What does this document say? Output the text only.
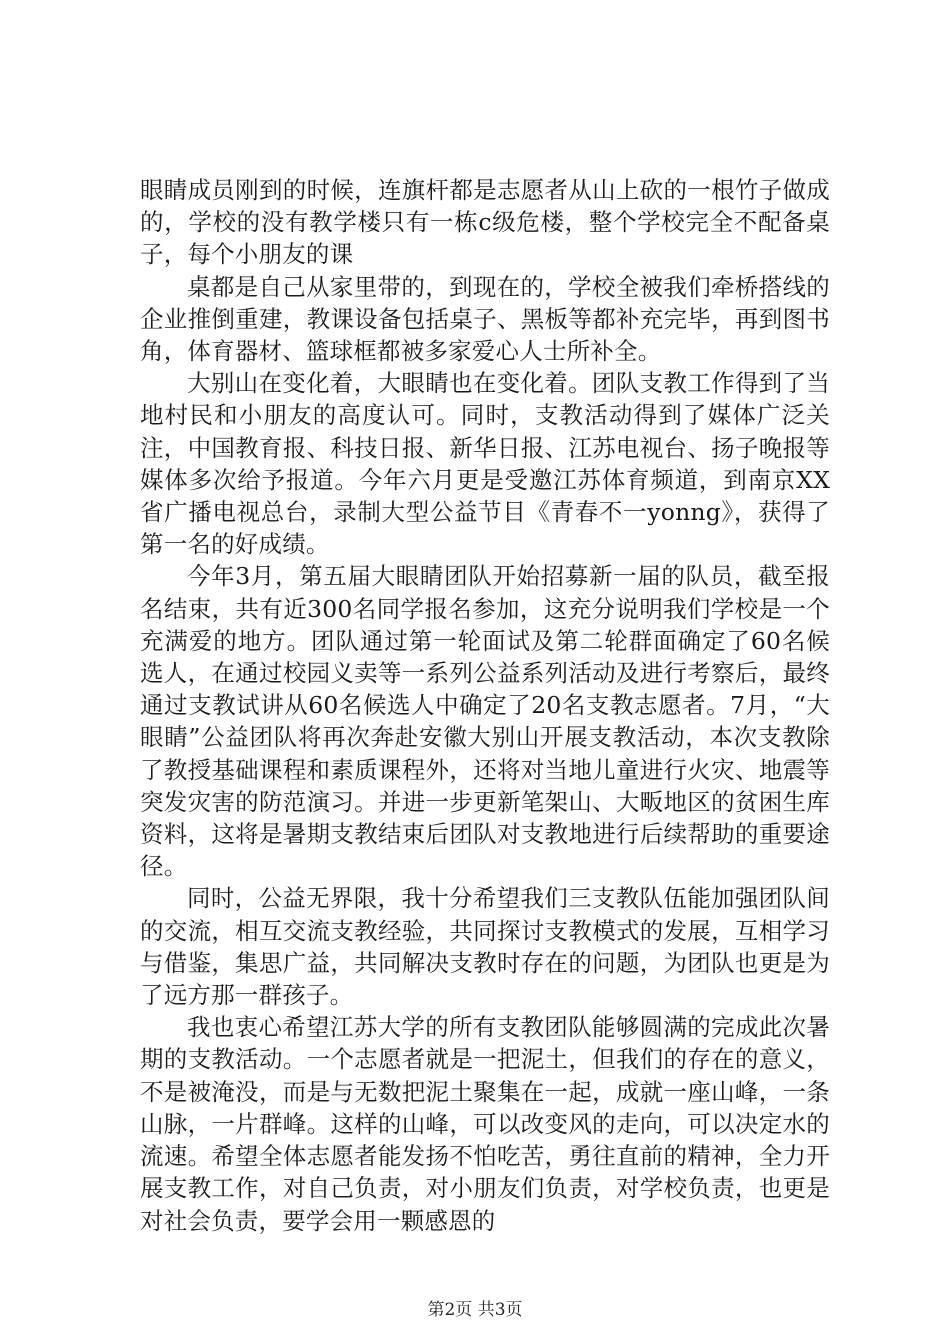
眼睛成员刚到的时候，连旗杆都是志愿者从山上砍的一根竹子做成的，学校的没有教学楼只有一栋c级危楼，整个学校完全不配备桌子，每个小朋友的课

桌都是自己从家里带的，到现在的，学校全被我们牵桥搭线的企业推倒重建，教课设备包括桌子、黑板等都补充完毕，再到图书角，体育器材、篮球框都被多家爱心人士所补全。

大别山在变化着，大眼睛也在变化着。团队支教工作得到了当地村民和小朋友的高度认可。同时，支教活动得到了媒体广泛关注，中国教育报、科技日报、新华日报、江苏电视台、扬子晚报等媒体多次给予报道。今年六月更是受邀江苏体育频道，到南京XX省广播电视总台，录制大型公益节目《青春不一yonng》，获得了第一名的好成绩。

今年3月，第五届大眼睛团队开始招募新一届的队员，截至报名结束，共有近300名同学报名参加，这充分说明我们学校是一个充满爱的地方。团队通过第一轮面试及第二轮群面确定了60名候选人，在通过校园义卖等一系列公益系列活动及进行考察后，最终通过支教试讲从60名候选人中确定了20名支教志愿者。7月，“大眼睛”公益团队将再次奔赴安徽大别山开展支教活动，本次支教除了教授基础课程和素质课程外，还将对当地儿童进行火灾、地震等突发灾害的防范演习。并进一步更新笔架山、大畈地区的贫困生库资料，这将是暑期支教结束后团队对支教地进行后续帮助的重要途径。

同时，公益无界限，我十分希望我们三支教队伍能加强团队间的交流，相互交流支教经验，共同探讨支教模式的发展，互相学习与借鉴，集思广益，共同解决支教时存在的问题，为团队也更是为了远方那一群孩子。

我也衷心希望江苏大学的所有支教团队能够圆满的完成此次暑期的支教活动。一个志愿者就是一把泥土，但我们的存在的意义，不是被淹没，而是与无数把泥土聚集在一起，成就一座山峰，一条山脉，一片群峰。这样的山峰，可以改变风的走向，可以决定水的流速。希望全体志愿者能发扬不怕吃苦，勇往直前的精神，全力开展支教工作，对自己负责，对小朋友们负责，对学校负责，也更是对社会负责，要学会用一颗感恩的

第2页 共3页
